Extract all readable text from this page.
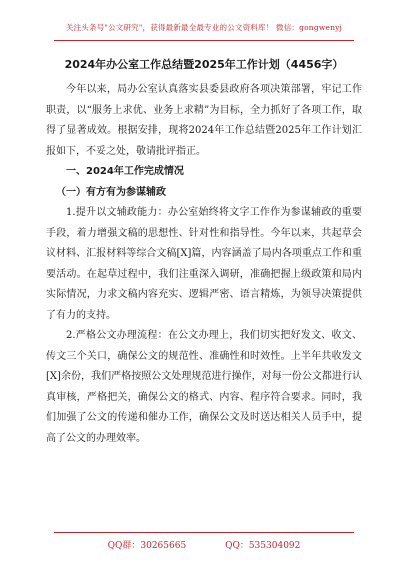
关注头条号"公文研究"，获得最新最全最专业的公文资料库！ 微信：gongwenyj
2024年办公室工作总结暨2025年工作计划（4456字）

今年以来，局办公室认真落实县委县政府各项决策部署，牢记工作职责，以“服务上求优、业务上求精”为目标，全力抓好了各项工作，取得了显著成效。根据安排，现将2024年工作总结暨2025年工作计划汇报如下，不妥之处，敬请批评指正。

一、2024年工作完成情况

（一）有方有为参谋辅政

1.提升以文辅政能力：办公室始终将文字工作作为参谋辅政的重要手段，着力增强文稿的思想性、针对性和指导性。今年以来，共起草会议材料、汇报材料等综合文稿[X]篇，内容涵盖了局内各项重点工作和重要活动。在起草过程中，我们注重深入调研，准确把握上级政策和局内实际情况，力求文稿内容充实、逻辑严密、语言精炼，为领导决策提供了有力的支持。

2.严格公文办理流程：在公文办理上，我们切实把好发文、收文、传文三个关口，确保公文的规范性、准确性和时效性。上半年共收发文[X]余份，我们严格按照公文处理规范进行操作，对每一份公文都进行认真审核，严格把关，确保公文的格式、内容、程序符合要求。同时，我们加强了公文的传递和催办工作，确保公文及时送达相关人员手中，提高了公文的办理效率。

QQ群：30265665	QQ：535304092
